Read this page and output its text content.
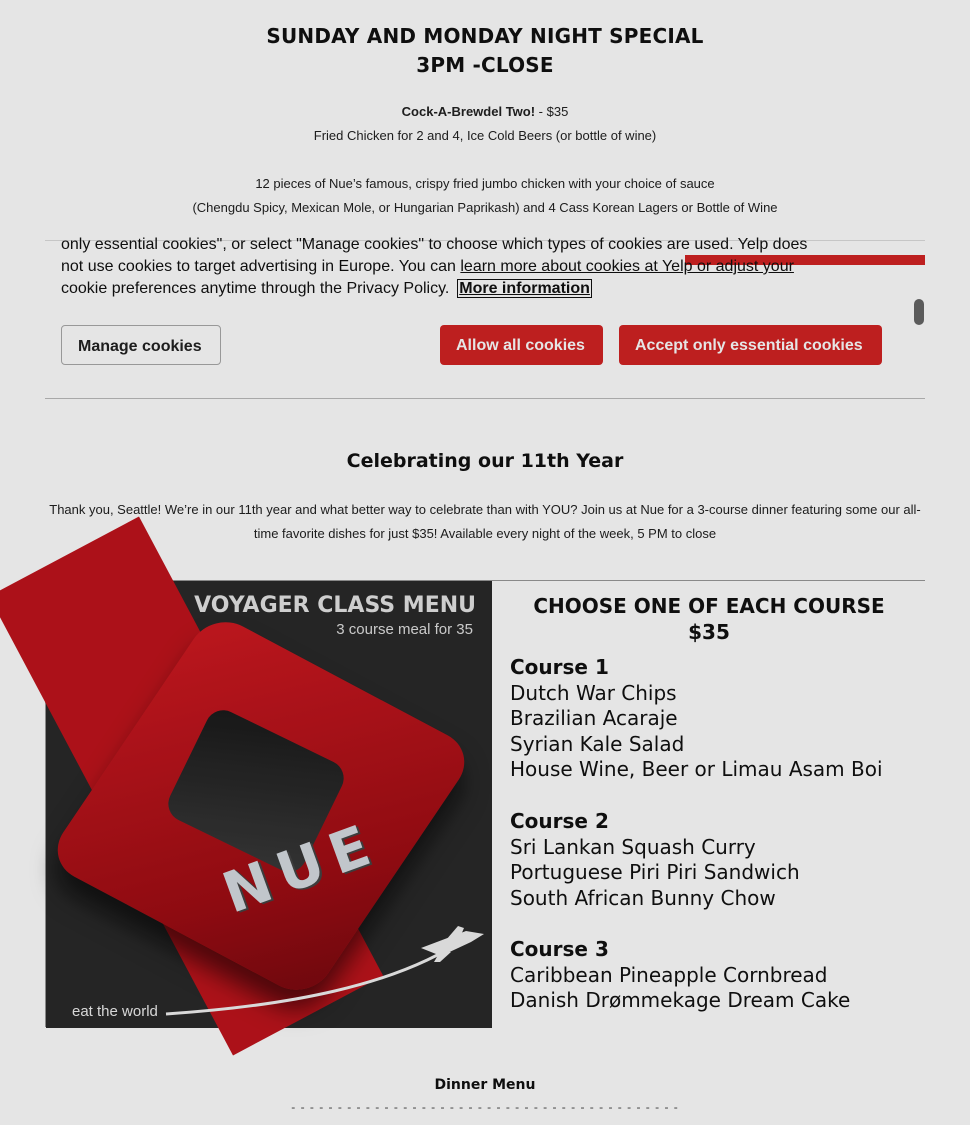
SUNDAY AND MONDAY NIGHT SPECIAL
3PM -CLOSE
Cock-A-Brewdel Two! - $35
Fried Chicken for 2 and 4, Ice Cold Beers (or bottle of wine)
12 pieces of Nue’s famous, crispy fried jumbo chicken with your choice of sauce
(Chengdu Spicy, Mexican Mole, or Hungarian Paprikash) and 4 Cass Korean Lagers or Bottle of Wine
Celebrating our 11th Year
Thank you, Seattle! We’re in our 11th year and what better way to celebrate than with YOU? Join us at Nue for a 3-course dinner featuring some our all-time favorite dishes for just $35! Available every night of the week, 5 PM to close
VOYAGER CLASS MENU
3 course meal for 35
NUE
eat the world
CHOOSE ONE OF EACH COURSE
$35
Course 1
Dutch War Chips
Brazilian Acaraje
Syrian Kale Salad
House Wine, Beer or Limau Asam Boi
Course 2
Sri Lankan Squash Curry
Portuguese Piri Piri Sandwich
South African Bunny Chow
Course 3
Caribbean Pineapple Cornbread
Danish Drømmekage Dream Cake
Dinner Menu
- - - - - - - - - - - - - - - - - - - - - - - - - - - - - - - - - - - - - - - - - -
only essential cookies", or select "Manage cookies" to choose which types of cookies are used. Yelp does
not use cookies to target advertising in Europe. You can learn more about cookies at Yelp or adjust your
cookie preferences anytime through the Privacy Policy. More information
Manage cookies	Allow all cookies	Accept only essential cookies
